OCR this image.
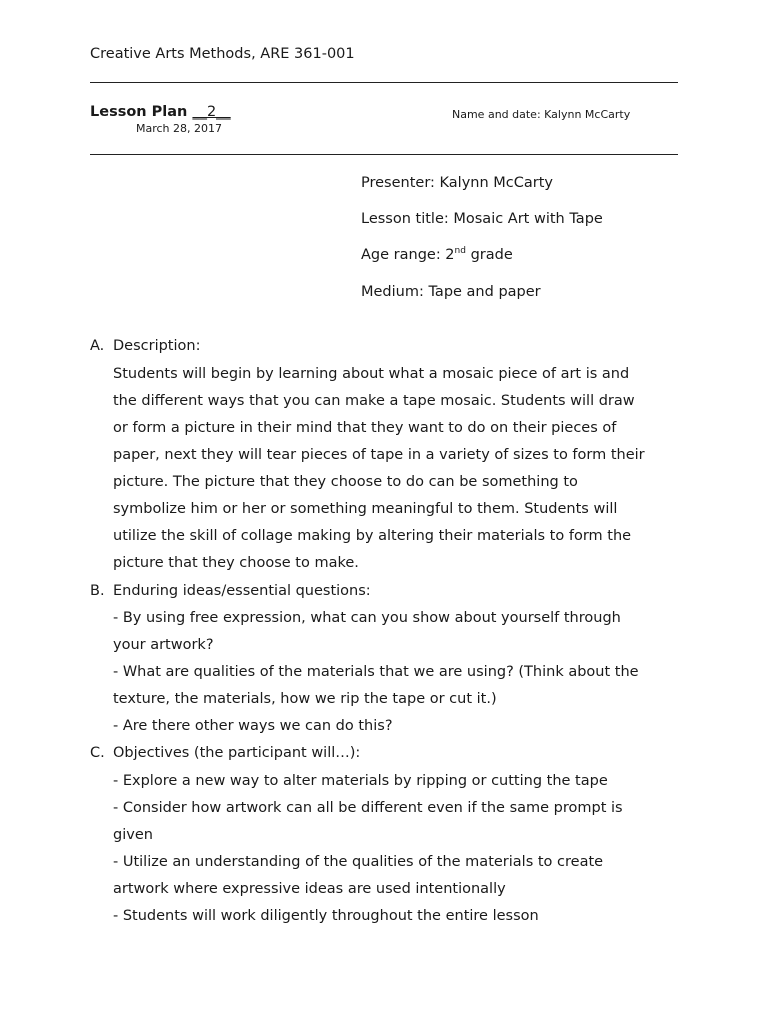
Creative Arts Methods, ARE 361-001
Lesson Plan __2__
March 28, 2017
Name and date: Kalynn McCarty
Presenter: Kalynn McCarty
Lesson title: Mosaic Art with Tape
Age range: 2nd grade
Medium: Tape and paper
A. Description:
Students will begin by learning about what a mosaic piece of art is and
the different ways that you can make a tape mosaic. Students will draw
or form a picture in their mind that they want to do on their pieces of
paper, next they will tear pieces of tape in a variety of sizes to form their
picture. The picture that they choose to do can be something to
symbolize him or her or something meaningful to them. Students will
utilize the skill of collage making by altering their materials to form the
picture that they choose to make.
B. Enduring ideas/essential questions:
- By using free expression, what can you show about yourself through
your artwork?
- What are qualities of the materials that we are using? (Think about the
texture, the materials, how we rip the tape or cut it.)
- Are there other ways we can do this?
C. Objectives (the participant will…):
- Explore a new way to alter materials by ripping or cutting the tape
- Consider how artwork can all be different even if the same prompt is
given
- Utilize an understanding of the qualities of the materials to create
artwork where expressive ideas are used intentionally
- Students will work diligently throughout the entire lesson
